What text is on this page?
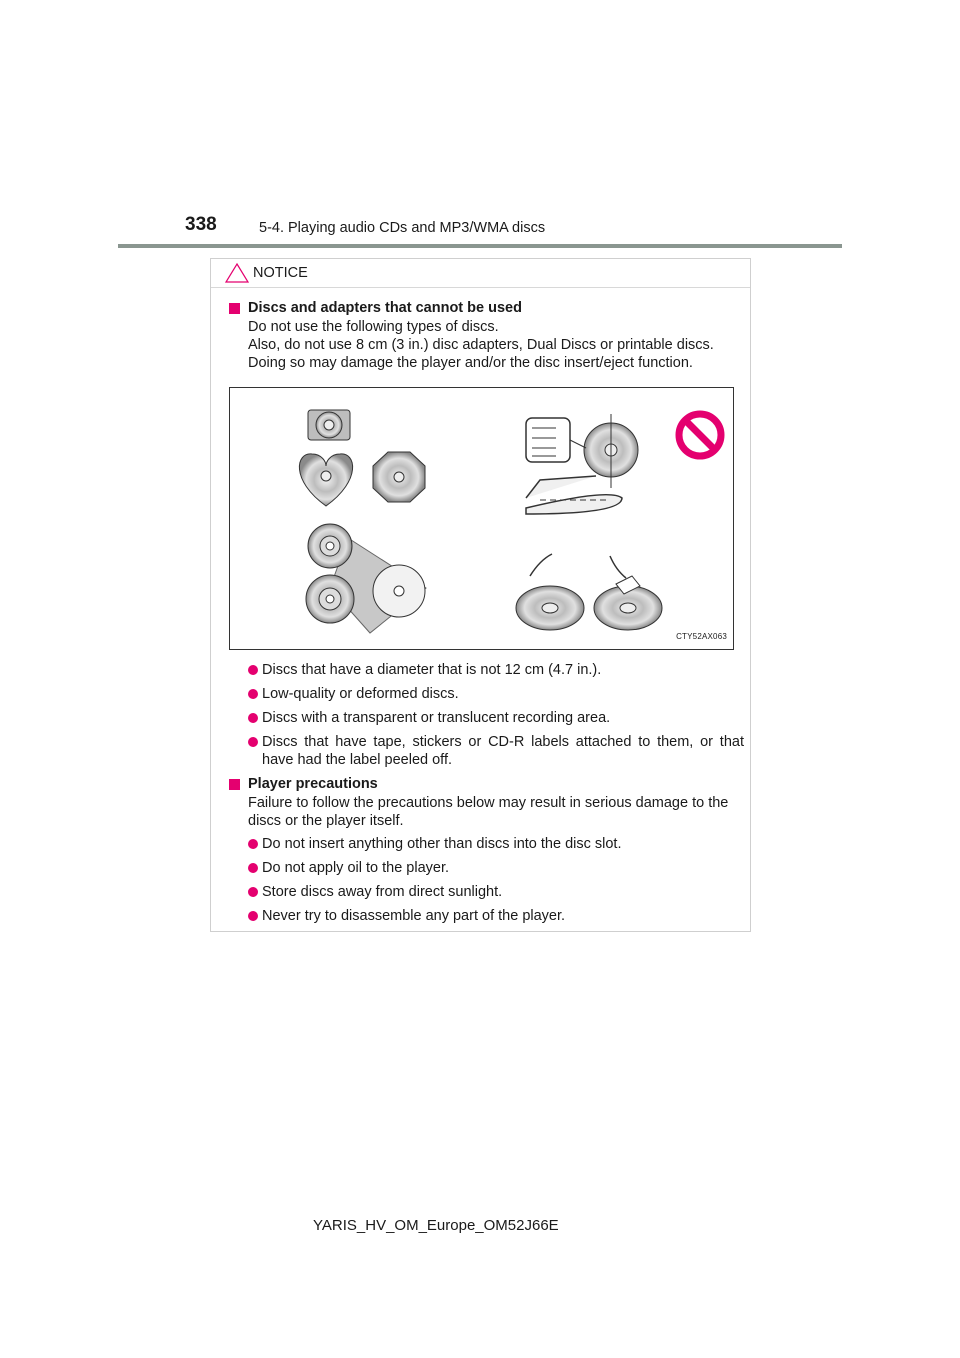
338	5-4. Playing audio CDs and MP3/WMA discs
NOTICE
Discs and adapters that cannot be used

Do not use the following types of discs.

Also, do not use 8 cm (3 in.) disc adapters, Dual Discs or printable discs.

Doing so may damage the player and/or the disc insert/eject function.

CTY52AX063
Discs that have a diameter that is not 12 cm (4.7 in.).
Low-quality or deformed discs.
Discs with a transparent or translucent recording area.
Discs that have tape, stickers or CD-R labels attached to them, or that have had the label peeled off.
Player precautions

Failure to follow the precautions below may result in serious damage to the discs or the player itself.

Do not insert anything other than discs into the disc slot.
Do not apply oil to the player.
Store discs away from direct sunlight.
Never try to disassemble any part of the player.
YARIS_HV_OM_Europe_OM52J66E
